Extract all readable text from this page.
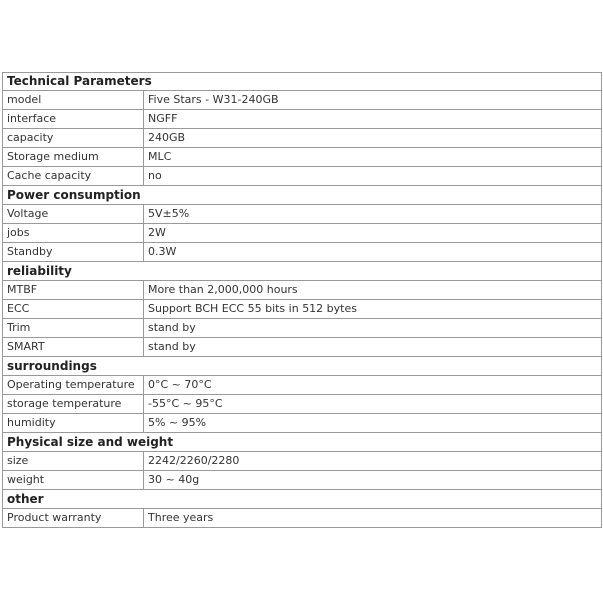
Technical Parameters	
model	Five Stars - W31-240GB
interface	NGFF
capacity	240GB
Storage medium	MLC
Cache capacity	no
Power consumption	
Voltage	5V±5%
jobs	2W
Standby	0.3W
reliability	
MTBF	More than 2,000,000 hours
ECC	Support BCH ECC 55 bits in 512 bytes
Trim	stand by
SMART	stand by
surroundings	
Operating temperature	0°C ~ 70°C
storage temperature	-55°C ~ 95°C
humidity	5% ~ 95%
Physical size and weight	
size	2242/2260/2280
weight	30 ~ 40g
other	
Product warranty	Three years
